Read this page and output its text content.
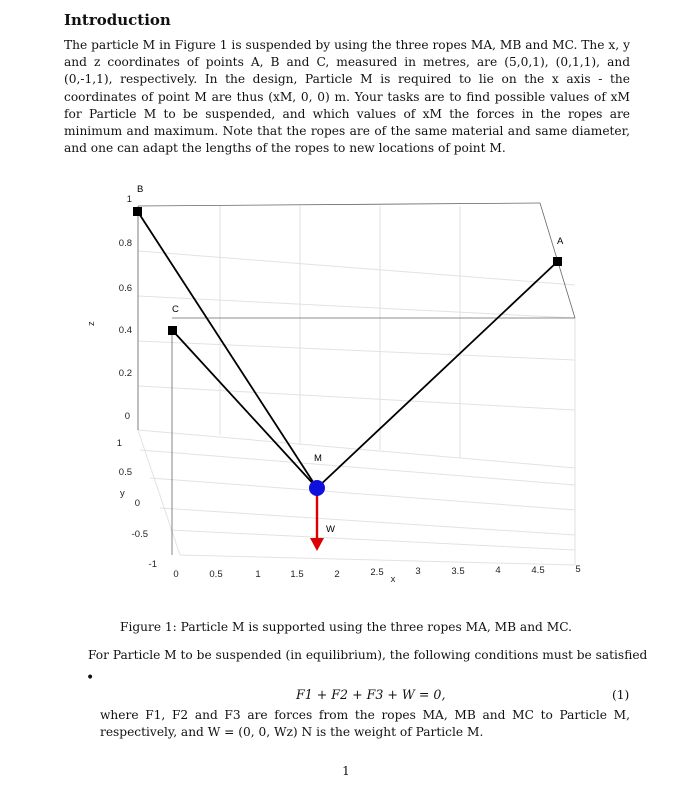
Introduction

The particle M in Figure 1 is suspended by using the three ropes MA, MB and MC. The x, y and z coordinates of points A, B and C, measured in metres, are (5,0,1), (0,1,1), and (0,-1,1), respectively. In the design, Particle M is required to lie on the x axis - the coordinates of point M are thus (xM, 0, 0) m. Your tasks are to find possible values of xM for Particle M to be suspended, and which values of xM the forces in the ropes are minimum and maximum. Note that the ropes are of the same material and same diameter, and one can adapt the lengths of the ropes to new locations of point M.

z
0
0.2
0.4
0.6
0.8
1
y
1
0.5
0
-0.5
-1
x
0	0.5	1	1.5	2	2.5	3	3.5	4	4.5	5
B
C
A
M
W

Figure 1: Particle M is supported using the three ropes MA, MB and MC.

For Particle M to be suspended (in equilibrium), the following conditions must be satisfied

•
F1 + F2 + F3 + W = 0,	(1)

where F1, F2 and F3 are forces from the ropes MA, MB and MC to Particle M, respectively, and W = (0, 0, Wz) N is the weight of Particle M.

1
